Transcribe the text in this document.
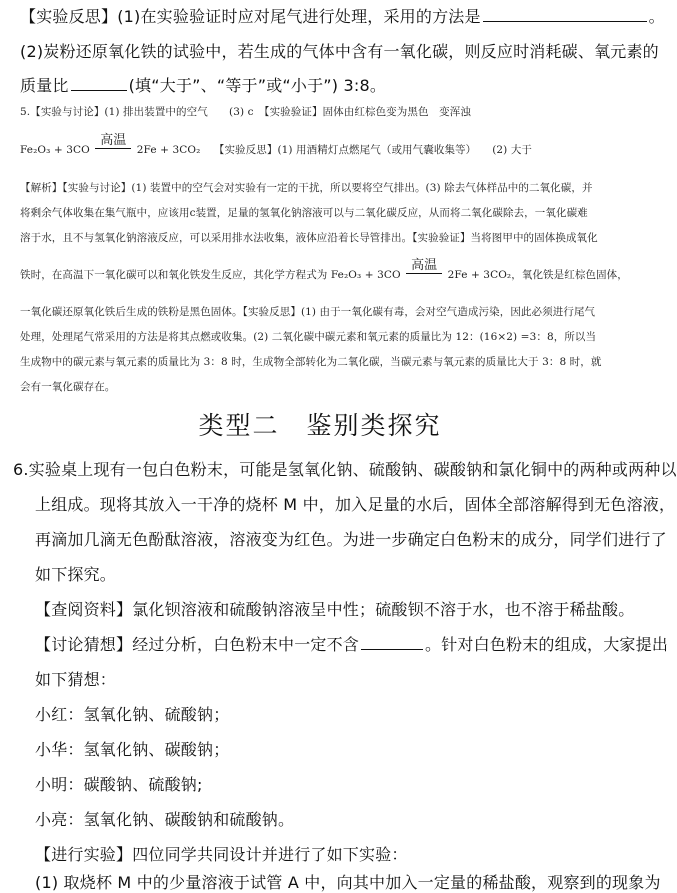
【实验反思】(1)在实验验证时应对尾气进行处理，采用的方法是	。
(2)炭粉还原氧化铁的试验中，若生成的气体中含有一氧化碳，则反应时消耗碳、氧元素的
质量比	(填“大于”、“等于”或“小于”) 3:8。
5.【实验与讨论】(1) 排出装置中的空气　　(3) c　【实验验证】固体由红棕色变为黑色　变浑浊
Fe₂O₃ + 3CO
高温
2Fe + 3CO₂ 【实验反思】(1) 用酒精灯点燃尾气（或用气囊收集等）　　(2) 大于
【解析】【实验与讨论】(1) 装置中的空气会对实验有一定的干扰，所以要将空气排出。(3) 除去气体样品中的二氧化碳，并
将剩余气体收集在集气瓶中，应该用c装置，足量的氢氧化钠溶液可以与二氧化碳反应，从而将二氧化碳除去，一氧化碳难
溶于水，且不与氢氧化钠溶液反应，可以采用排水法收集，液体应沿着长导管排出。【实验验证】当将图甲中的固体换成氧化
铁时，在高温下一氧化碳可以和氧化铁发生反应，其化学方程式为 Fe₂O₃ + 3CO
高温
2Fe + 3CO₂，氧化铁是红棕色固体，
一氧化碳还原氧化铁后生成的铁粉是黑色固体。【实验反思】(1) 由于一氧化碳有毒，会对空气造成污染，因此必须进行尾气
处理，处理尾气常采用的方法是将其点燃或收集。(2) 二氧化碳中碳元素和氧元素的质量比为 12：(16×2) =3：8，所以当
生成物中的碳元素与氧元素的质量比为 3：8 时，生成物全部转化为二氧化碳，当碳元素与氧元素的质量比大于 3：8 时，就
会有一氧化碳存在。
类型二　鉴别类探究
6.实验桌上现有一包白色粉末，可能是氢氧化钠、硫酸钠、碳酸钠和氯化铜中的两种或两种以
上组成。现将其放入一干净的烧杯 M 中，加入足量的水后，固体全部溶解得到无色溶液，
再滴加几滴无色酚酞溶液，溶液变为红色。为进一步确定白色粉末的成分，同学们进行了
如下探究。
【查阅资料】氯化钡溶液和硫酸钠溶液呈中性；硫酸钡不溶于水，也不溶于稀盐酸。
【讨论猜想】经过分析，白色粉末中一定不含	。针对白色粉末的组成，大家提出
如下猜想：
小红：氢氧化钠、硫酸钠；
小华：氢氧化钠、碳酸钠；
小明：碳酸钠、硫酸钠;
小亮：氢氧化钠、碳酸钠和硫酸钠。
【进行实验】四位同学共同设计并进行了如下实验：
(1) 取烧杯 M 中的少量溶液于试管 A 中，向其中加入一定量的稀盐酸，观察到的现象为
